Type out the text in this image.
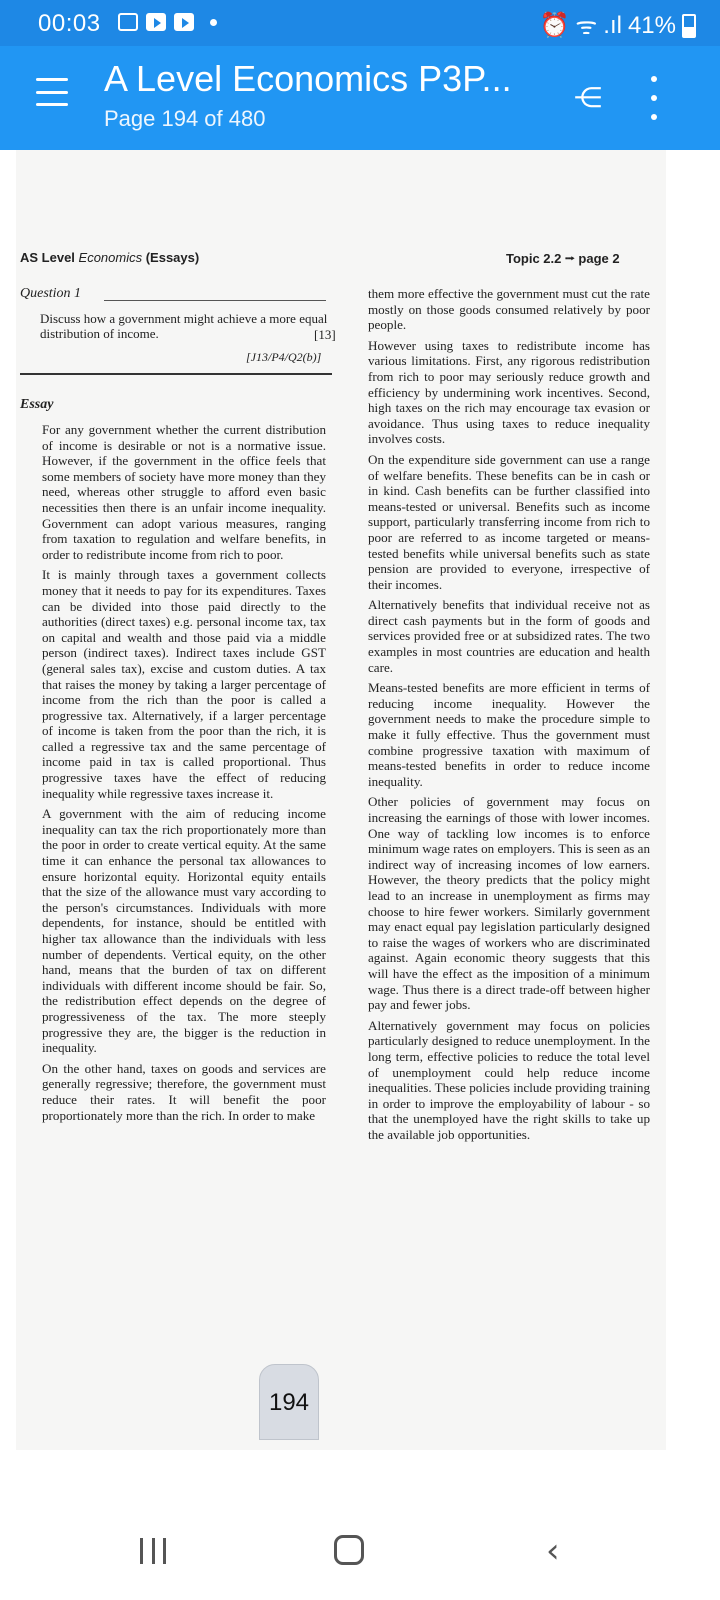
00:03	⏰ ᯤ .ıl 41%
A Level Economics P3P...
Page 194 of 480
⋲
AS Level Economics (Essays)	Topic 2.2 ⭬ page 2
Question 1
Discuss how a government might achieve a more equal distribution of income.	[13]
[J13/P4/Q2(b)]
Essay

For any government whether the current distribution of income is desirable or not is a normative issue. However, if the government in the office feels that some members of society have more money than they need, whereas other struggle to afford even basic necessities then there is an unfair income inequality. Government can adopt various measures, ranging from taxation to regulation and welfare benefits, in order to redistribute income from rich to poor.

It is mainly through taxes a government collects money that it needs to pay for its expenditures. Taxes can be divided into those paid directly to the authorities (direct taxes) e.g. personal income tax, tax on capital and wealth and those paid via a middle person (indirect taxes). Indirect taxes include GST (general sales tax), excise and custom duties. A tax that raises the money by taking a larger percentage of income from the rich than the poor is called a progressive tax. Alternatively, if a larger percentage of income is taken from the poor than the rich, it is called a regressive tax and the same percentage of income paid in tax is called proportional. Thus progressive taxes have the effect of reducing inequality while regressive taxes increase it.

A government with the aim of reducing income inequality can tax the rich proportionately more than the poor in order to create vertical equity. At the same time it can enhance the personal tax allowances to ensure horizontal equity. Horizontal equity entails that the size of the allowance must vary according to the person's circumstances. Individuals with more dependents, for instance, should be entitled with higher tax allowance than the individuals with less number of dependents. Vertical equity, on the other hand, means that the burden of tax on different individuals with different income should be fair. So, the redistribution effect depends on the degree of progressiveness of the tax. The more steeply progressive they are, the bigger is the reduction in inequality.

On the other hand, taxes on goods and services are generally regressive; therefore, the government must reduce their rates. It will benefit the poor proportionately more than the rich. In order to make

them more effective the government must cut the rate mostly on those goods consumed relatively by poor people.

However using taxes to redistribute income has various limitations. First, any rigorous redistribution from rich to poor may seriously reduce growth and efficiency by undermining work incentives. Second, high taxes on the rich may encourage tax evasion or avoidance. Thus using taxes to reduce inequality involves costs.

On the expenditure side government can use a range of welfare benefits. These benefits can be in cash or in kind. Cash benefits can be further classified into means-tested or universal. Benefits such as income support, particularly transferring income from rich to poor are referred to as income targeted or means-tested benefits while universal benefits such as state pension are provided to everyone, irrespective of their incomes.

Alternatively benefits that individual receive not as direct cash payments but in the form of goods and services provided free or at subsidized rates. The two examples in most countries are education and health care.

Means-tested benefits are more efficient in terms of reducing income inequality. However the government needs to make the procedure simple to make it fully effective. Thus the government must combine progressive taxation with maximum of means-tested benefits in order to reduce income inequality.

Other policies of government may focus on increasing the earnings of those with lower incomes. One way of tackling low incomes is to enforce minimum wage rates on employers. This is seen as an indirect way of increasing incomes of low earners. However, the theory predicts that the policy might lead to an increase in unemployment as firms may choose to hire fewer workers. Similarly government may enact equal pay legislation particularly designed to raise the wages of workers who are discriminated against. Again economic theory suggests that this will have the effect as the imposition of a minimum wage. Thus there is a direct trade-off between higher pay and fewer jobs.

Alternatively government may focus on policies particularly designed to reduce unemployment. In the long term, effective policies to reduce the total level of unemployment could help reduce income inequalities. These policies include providing training in order to improve the employability of labour - so that the unemployed have the right skills to take up the available job opportunities.

194
‹
